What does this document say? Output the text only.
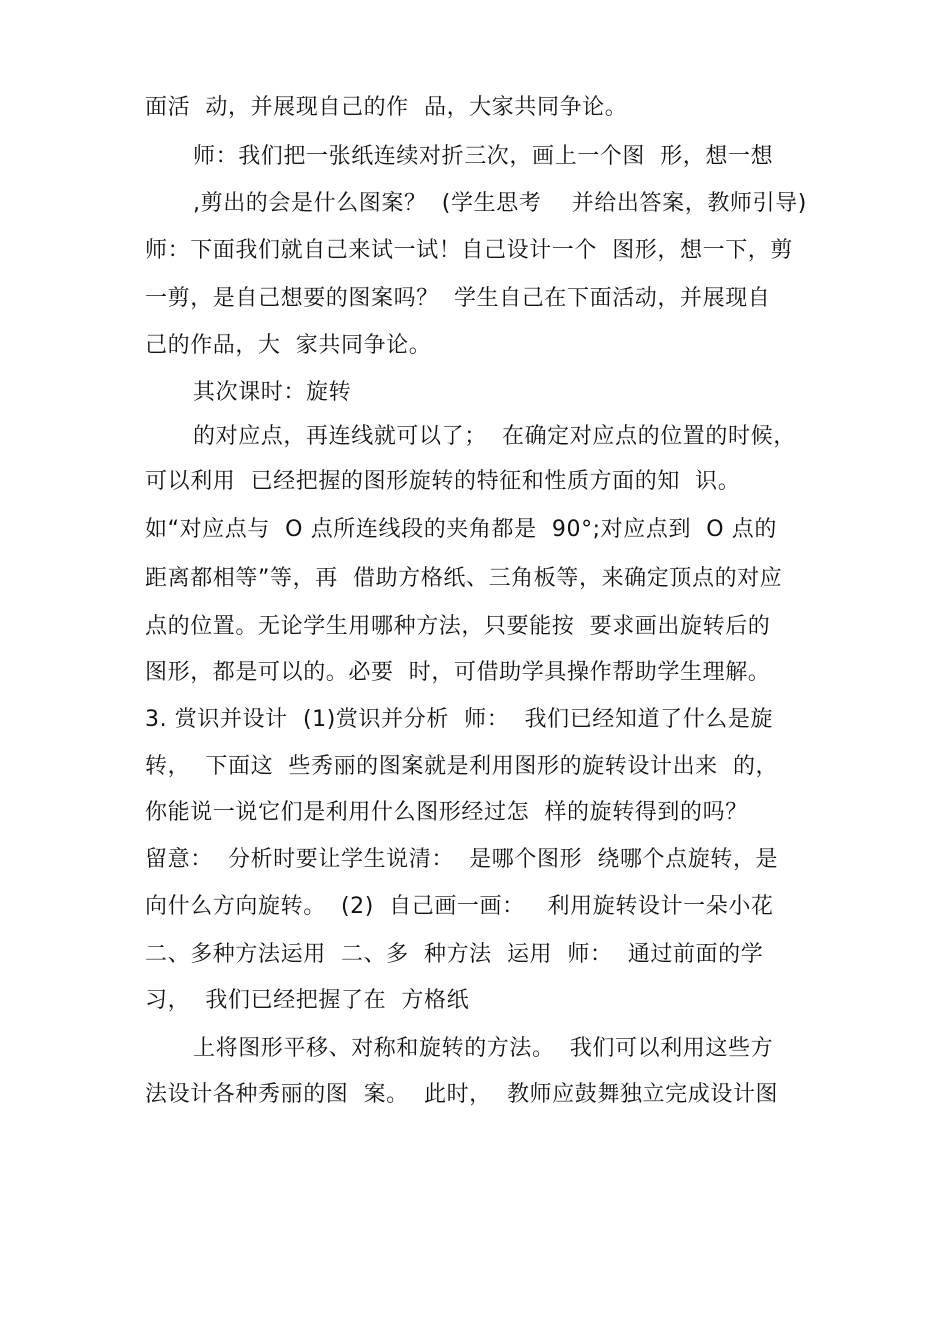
面活  动，并展现自己的作  品，大家共同争论。
师：我们把一张纸连续对折三次，画上一个图  形，想一想
,剪出的会是什么图案？  (学生思考    并给出答案，教师引导)
师：下面我们就自己来试一试！自己设计一个  图形，想一下，剪
一剪，是自己想要的图案吗？  学生自己在下面活动，并展现自
己的作品，大  家共同争论。
其次课时：旋转
的对应点，再连线就可以了；  在确定对应点的位置的时候，
可以利用  已经把握的图形旋转的特征和性质方面的知  识。
如“对应点与  O 点所连线段的夹角都是  90°;对应点到  O 点的
距离都相等”等，再  借助方格纸、三角板等，来确定顶点的对应
点的位置。无论学生用哪种方法，只要能按  要求画出旋转后的
图形，都是可以的。必要  时，可借助学具操作帮助学生理解。
3. 赏识并设计  (1)赏识并分析  师：  我们已经知道了什么是旋
转，  下面这  些秀丽的图案就是利用图形的旋转设计出来  的，
你能说一说它们是利用什么图形经过怎  样的旋转得到的吗？
留意：  分析时要让学生说清：  是哪个图形  绕哪个点旋转，是
向什么方向旋转。  (2)  自己画一画：   利用旋转设计一朵小花
二、多种方法运用  二、多  种方法  运用  师：  通过前面的学
习，  我们已经把握了在  方格纸
上将图形平移、对称和旋转的方法。  我们可以利用这些方
法设计各种秀丽的图  案。  此时，  教师应鼓舞独立完成设计图
